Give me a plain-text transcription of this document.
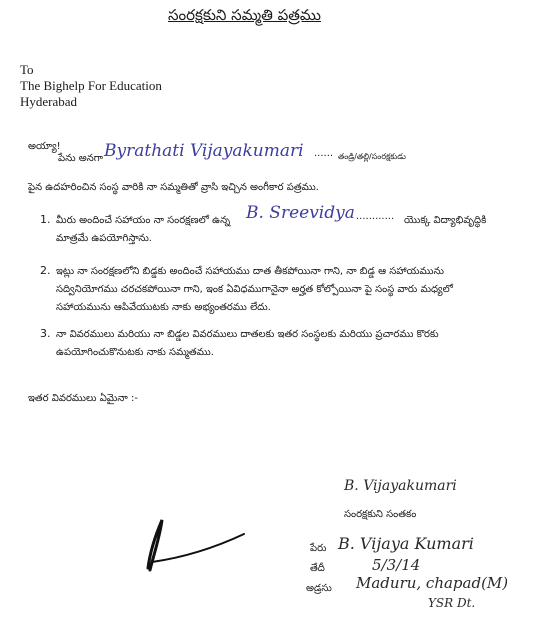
సంరక్షకుని సమ్మతి పత్రము
To
The Bighelp For Education
Hyderabad
అయ్యా!
పేను అనగా Byrathati Vijayakumari ...... తండ్రి/తల్లి/సంరక్షకుడు
పైన ఉదహరించిన సంస్థ వారికి నా సమ్మతితో వ్రాసి ఇచ్చిన అంగీకార పత్రము.
1. మీరు అందించే సహాయం నా సంరక్షణలో ఉన్న B. Sreevidya ............ యొక్క విద్యాభివృద్ధికి
మాత్రమే ఉపయోగిస్తాను.
2. ఇట్లు నా సంరక్షణలోని బిడ్డకు అందించే సహాయము దాత తీకపోయినా గాని, నా బిడ్డ ఆ సహాయమును
సద్వినియోగము చరచకపోయినా గాని, ఇంక ఏవిధముగానైనా అర్హత కోల్పోయినా పై సంస్థ వారు మధ్యలో
సహాయమును ఆపివేయుటకు నాకు అభ్యంతరము లేదు.
3. నా వివరములు మరియు నా బిడ్డల వివరములు దాతలకు ఇతర సంస్థలకు మరియు ప్రచారము కొరకు
ఉపయోగించుకొనుటకు నాకు సమ్మతము.
ఇతర వివరములు ఏమైనా :-
B. Vijayakumari
సంరక్షకుని సంతకం
పేరు B. Vijaya Kumari
తేదీ	5/3/14
అడ్రసు Maduru, chapad(M)
YSR Dt.
